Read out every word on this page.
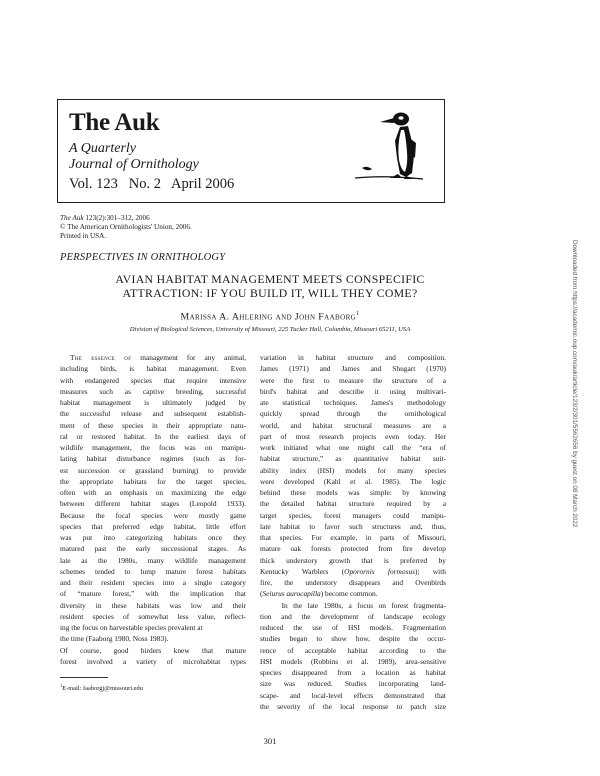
The Auk
A Quarterly
Journal of Ornithology
Vol. 123   No. 2   April 2006
The Auk 123(2):301–312, 2006
© The American Ornithologists' Union, 2006.
Printed in USA.
PERSPECTIVES IN ORNITHOLOGY
AVIAN HABITAT MANAGEMENT MEETS CONSPECIFIC
ATTRACTION: IF YOU BUILD IT, WILL THEY COME?
Marissa A. Ahlering and John Faaborg$^1$
Division of Biological Sciences, University of Missouri, 225 Tucker Hall, Columbia, Missouri 65211, USA
The essence of management for any animal,
including birds, is habitat management. Even
with endangered species that require intensive
measures such as captive breeding, successful
habitat management is ultimately judged by
the successful release and subsequent establish-
ment of these species in their appropriate natu-
ral or restored habitat. In the earliest days of
wildlife management, the focus was on manipu-
lating habitat disturbance regimes (such as for-
est succession or grassland burning) to provide
the appropriate habitats for the target species,
often with an emphasis on maximizing the edge
between different habitat stages (Leopold 1933).
Because the focal species were mostly game
species that preferred edge habitat, little effort
was put into categorizing habitats once they
matured past the early successional stages. As
late as the 1980s, many wildlife management
schemes tended to lump mature forest habitats
and their resident species into a single category
of “mature forest,” with the implication that
diversity in these habitats was low and their
resident species of somewhat less value, reflect-
ing the focus on harvestable species prevalent at
the time (Faaborg 1980, Noss 1983).
Of course, good birders knew that mature
forest involved a variety of microhabitat types
variation in habitat structure and composition.
James (1971) and James and Shugart (1970)
were the first to measure the structure of a
bird's habitat and describe it using multivari-
ate statistical techniques. James's methodology
quickly spread through the ornithological
world, and habitat structural measures are a
part of most research projects even today. Her
work initiated what one might call the “era of
habitat structure,” as quantitative habitat suit-
ability index (HSI) models for many species
were developed (Kahl et al. 1985). The logic
behind these models was simple: by knowing
the detailed habitat structure required by a
target species, forest managers could manipu-
late habitat to favor such structures and, thus,
that species. For example, in parts of Missouri,
mature oak forests protected from fire develop
thick understory growth that is preferred by
Kentucky Warblers (Oporornis formosus); with
fire, the understory disappears and Ovenbirds
(Seiurus aurocapilla) become common.
In the late 1980s, a focus on forest fragmenta-
tion and the development of landscape ecology
reduced the use of HSI models. Fragmentation
studies began to show how, despite the occur-
rence of acceptable habitat according to the
HSI models (Robbins et al. 1989), area-sensitive
species disappeared from a location as habitat
size was reduced. Studies incorporating land-
scape- and local-level effects demonstrated that
the severity of the local response to patch size
$^1$E-mail: faaborgj@missouri.edu
301
Downloaded from https://academic.oup.com/auk/article/123/2/301/5562656 by guest on 08 March 2022
